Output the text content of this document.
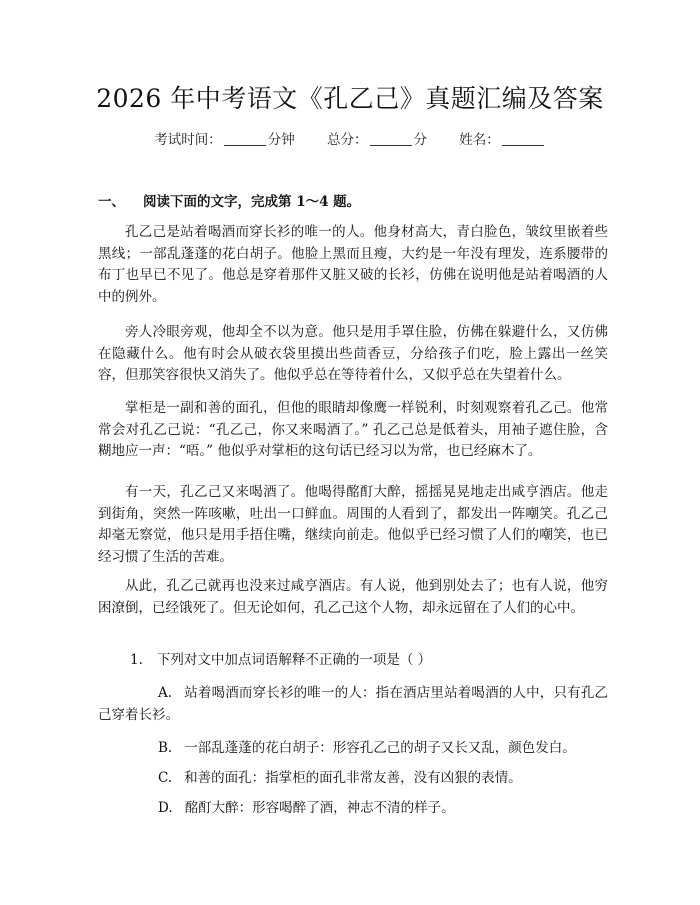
2026 年中考语文《孔乙己》真题汇编及答案
考试时间：	分钟 总分：	分 姓名：
一、 阅读下面的文字，完成第 1～4 题。
孔乙己是站着喝酒而穿长衫的唯一的人。他身材高大，青白脸色，皱纹里嵌着些黑线；一部乱蓬蓬的花白胡子。他脸上黑而且瘦，大约是一年没有理发，连系腰带的布丁也早已不见了。他总是穿着那件又脏又破的长衫，仿佛在说明他是站着喝酒的人中的例外。
旁人冷眼旁观，他却全不以为意。他只是用手罩住脸，仿佛在躲避什么，又仿佛在隐藏什么。他有时会从破衣袋里摸出些茴香豆，分给孩子们吃，脸上露出一丝笑容，但那笑容很快又消失了。他似乎总在等待着什么，又似乎总在失望着什么。
掌柜是一副和善的面孔，但他的眼睛却像鹰一样锐利，时刻观察着孔乙己。他常常会对孔乙己说：“孔乙己，你又来喝酒了。” 孔乙己总是低着头，用袖子遮住脸，含糊地应一声：“唔。” 他似乎对掌柜的这句话已经习以为常，也已经麻木了。
有一天，孔乙己又来喝酒了。他喝得酩酊大醉，摇摇晃晃地走出咸亨酒店。他走到街角，突然一阵咳嗽，吐出一口鲜血。周围的人看到了，都发出一阵嘲笑。孔乙己却毫无察觉，他只是用手捂住嘴，继续向前走。他似乎已经习惯了人们的嘲笑，也已经习惯了生活的苦难。
从此，孔乙己就再也没来过咸亨酒店。有人说，他到别处去了；也有人说，他穷困潦倒，已经饿死了。但无论如何，孔乙己这个人物，却永远留在了人们的心中。
1. 下列对文中加点词语解释不正确的一项是（ ）
A. 站着喝酒而穿长衫的唯一的人：指在酒店里站着喝酒的人中，只有孔乙己穿着长衫。
B. 一部乱蓬蓬的花白胡子：形容孔乙己的胡子又长又乱，颜色发白。
C. 和善的面孔：指掌柜的面孔非常友善，没有凶狠的表情。
D. 酩酊大醉：形容喝醉了酒，神志不清的样子。
